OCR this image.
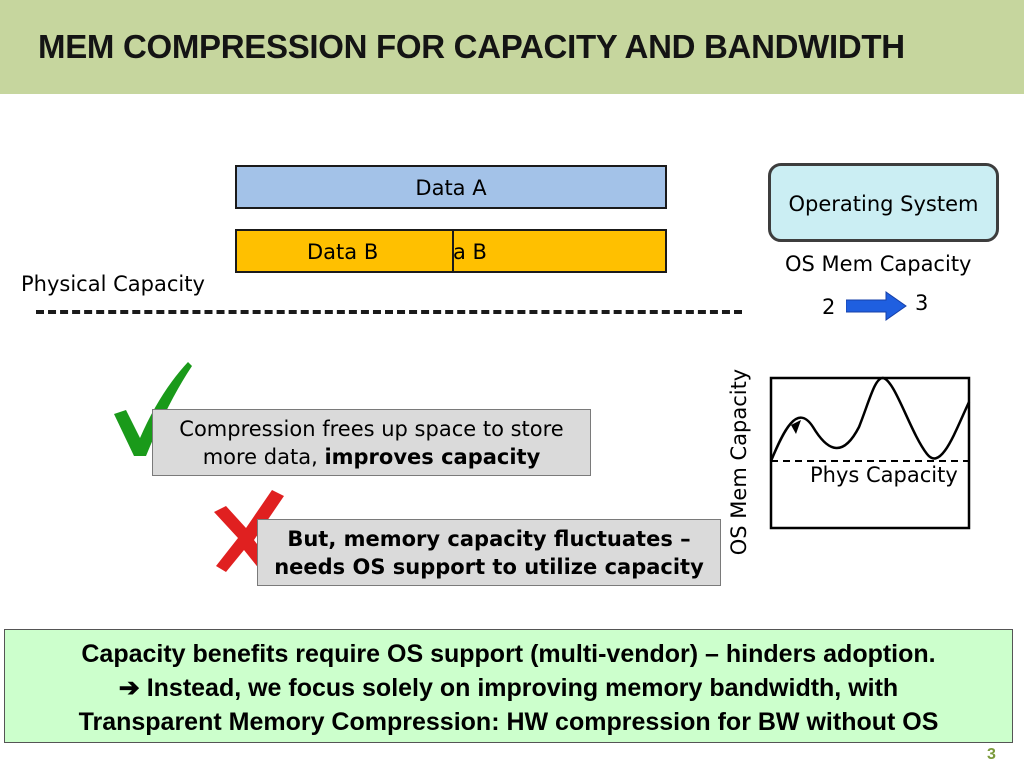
MEM COMPRESSION FOR CAPACITY AND BANDWIDTH
Data A
Data B	a B
Physical Capacity
Operating System
OS Mem Capacity
2	3
Compression frees up space to store
more data, improves capacity
But, memory capacity fluctuates –
needs OS support to utilize capacity
OS Mem Capacity	Phys Capacity
Capacity benefits require OS support (multi-vendor) – hinders adoption.
➔ Instead, we focus solely on improving memory bandwidth, with
Transparent Memory Compression: HW compression for BW without OS
3
